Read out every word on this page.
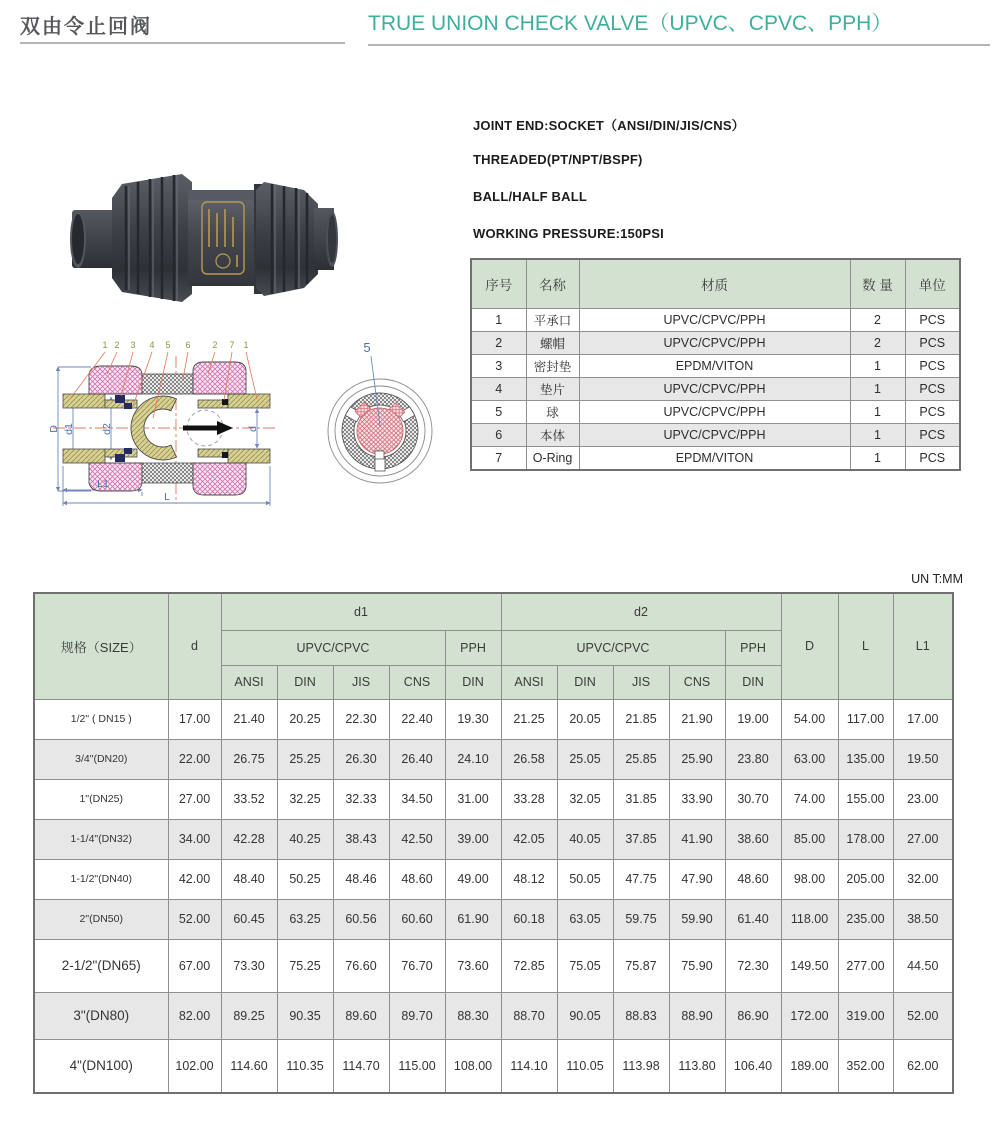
双由令止回阀	TRUE UNION CHECK VALVE（UPVC、CPVC、PPH）
JOINT END:SOCKET（ANSI/DIN/JIS/CNS）
THREADED(PT/NPT/BSPF)
BALL/HALF BALL
WORKING PRESSURE:150PSI
序号	名称	材质	数 量	单位
1	平承口	UPVC/CPVC/PPH	2	PCS
2	螺帽	UPVC/CPVC/PPH	2	PCS
3	密封垫	EPDM/VITON	1	PCS
4	垫片	UPVC/CPVC/PPH	1	PCS
5	球	UPVC/CPVC/PPH	1	PCS
6	本体	UPVC/CPVC/PPH	1	PCS
7	O-Ring	EPDM/VITON	1	PCS
1 2 3 4 5 6 2 7 1
D d1 d2	d
L1
L
5
UN T:MM
规格（SIZE）	d	d1					d2					D	L	L1
		UPVC/CPVC				PPH	UPVC/CPVC				PPH			
		ANSI	DIN	JIS	CNS	DIN	ANSI	DIN	JIS	CNS	DIN			
1/2" ( DN15 )	17.00	21.40	20.25	22.30	22.40	19.30	21.25	20.05	21.85	21.90	19.00	54.00	117.00	17.00
3/4"(DN20)	22.00	26.75	25.25	26.30	26.40	24.10	26.58	25.05	25.85	25.90	23.80	63.00	135.00	19.50
1"(DN25)	27.00	33.52	32.25	32.33	34.50	31.00	33.28	32.05	31.85	33.90	30.70	74.00	155.00	23.00
1-1/4"(DN32)	34.00	42.28	40.25	38.43	42.50	39.00	42.05	40.05	37.85	41.90	38.60	85.00	178.00	27.00
1-1/2"(DN40)	42.00	48.40	50.25	48.46	48.60	49.00	48.12	50.05	47.75	47.90	48.60	98.00	205.00	32.00
2"(DN50)	52.00	60.45	63.25	60.56	60.60	61.90	60.18	63.05	59.75	59.90	61.40	118.00	235.00	38.50
2-1/2"(DN65)	67.00	73.30	75.25	76.60	76.70	73.60	72.85	75.05	75.87	75.90	72.30	149.50	277.00	44.50
3"(DN80)	82.00	89.25	90.35	89.60	89.70	88.30	88.70	90.05	88.83	88.90	86.90	172.00	319.00	52.00
4"(DN100)	102.00	114.60	110.35	114.70	115.00	108.00	114.10	110.05	113.98	113.80	106.40	189.00	352.00	62.00
